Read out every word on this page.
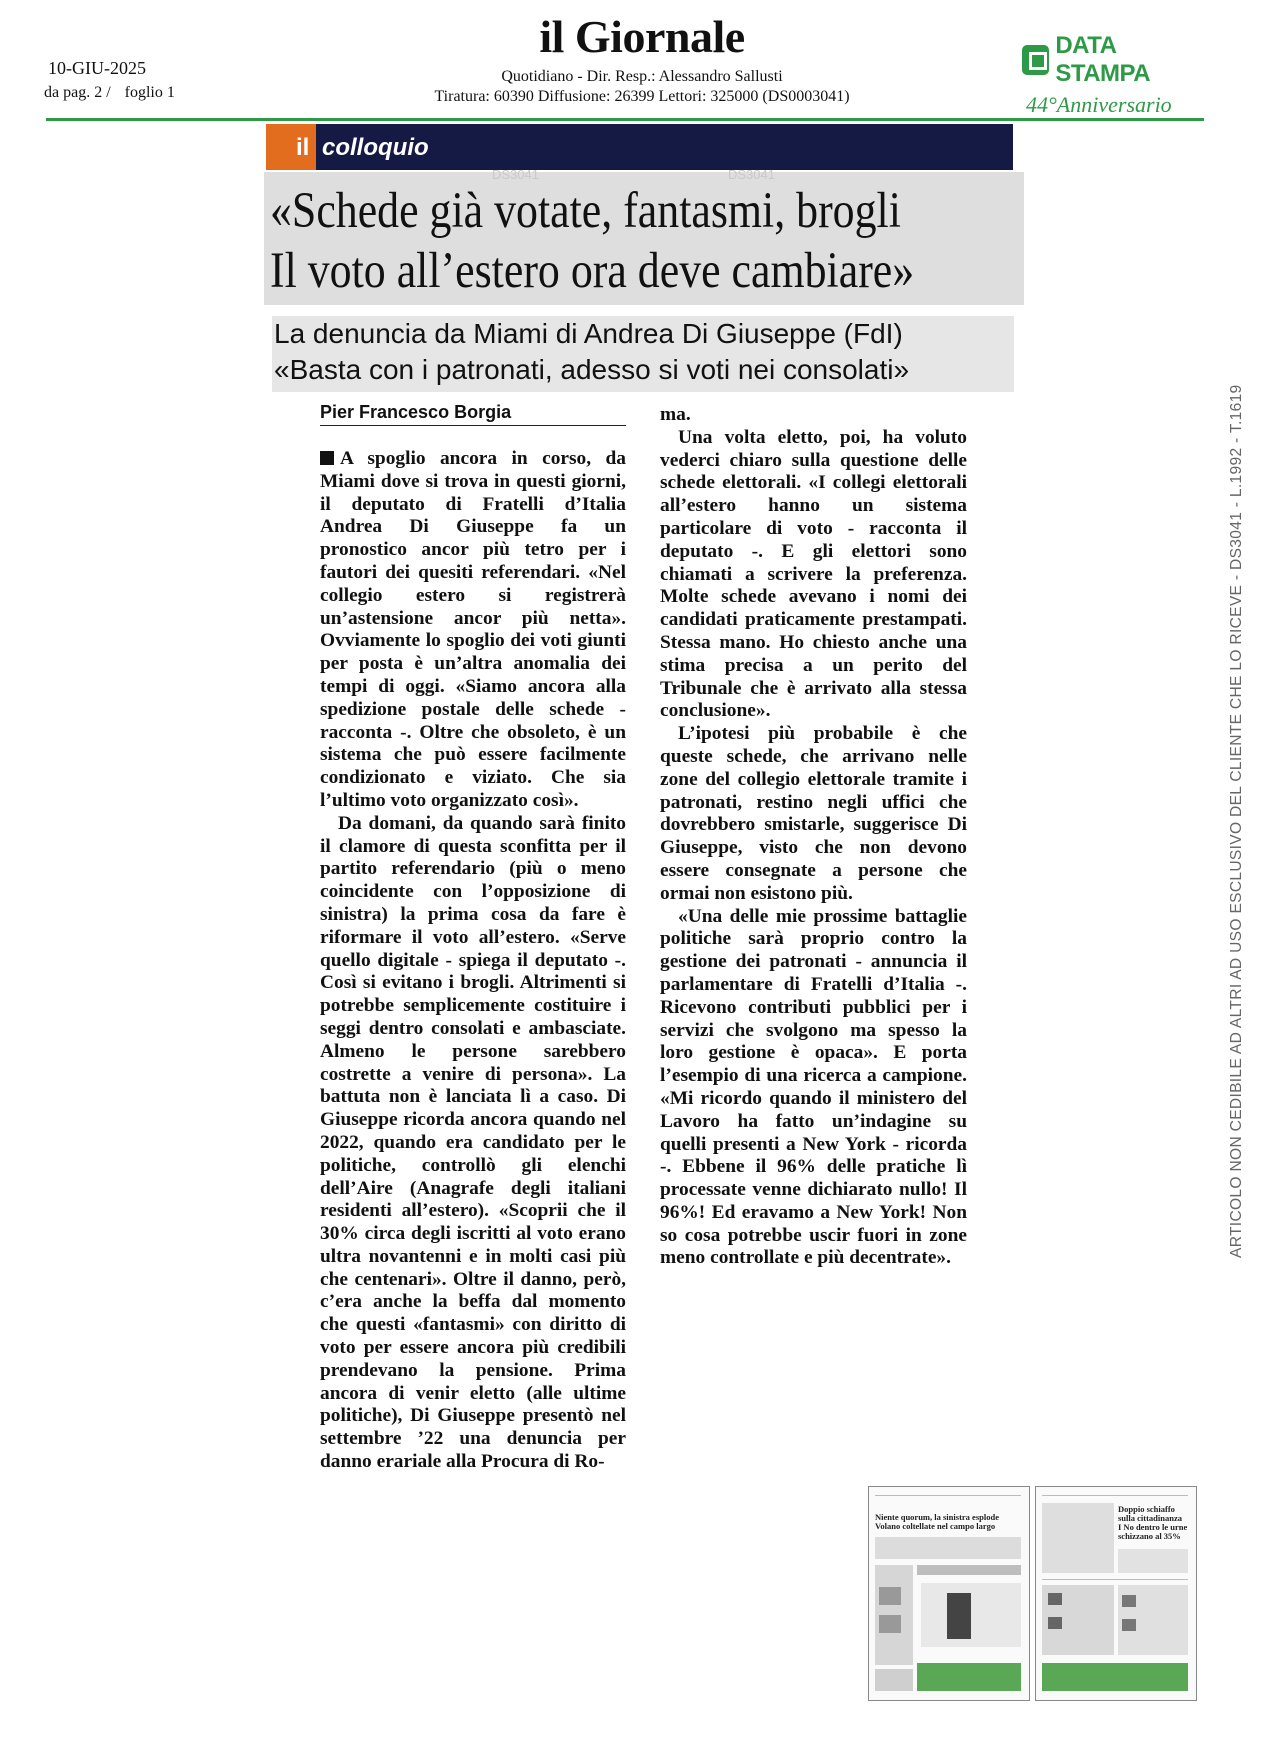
10-GIU-2025
da pag. 2 / foglio 1
il Giornale
Quotidiano - Dir. Resp.: Alessandro Sallusti
Tiratura: 60390 Diffusione: 26399 Lettori: 325000 (DS0003041)
DATA STAMPA
44°Anniversario
il colloquio
«Schede già votate, fantasmi, brogli
Il voto all’estero ora deve cambiare»
DS3041	DS3041
La denuncia da Miami di Andrea Di Giuseppe (FdI)
«Basta con i patronati, adesso si voti nei consolati»
Pier Francesco Borgia

A spoglio ancora in corso, da Miami dove si trova in questi giorni, il deputato di Fratelli d’Italia Andrea Di Giuseppe fa un pronostico ancor più tetro per i fautori dei quesiti referendari. «Nel collegio estero si registrerà un’astensione ancor più netta». Ovviamente lo spoglio dei voti giunti per posta è un’altra anomalia dei tempi di oggi. «Siamo ancora alla spedizione postale delle schede - racconta -. Oltre che obsoleto, è un sistema che può essere facilmente condizionato e viziato. Che sia l’ultimo voto organizzato così».

Da domani, da quando sarà finito il clamore di questa sconfitta per il partito referendario (più o meno coincidente con l’opposizione di sinistra) la prima cosa da fare è riformare il voto all’estero. «Serve quello digitale - spiega il deputato -. Così si evitano i brogli. Altrimenti si potrebbe semplicemente costituire i seggi dentro consolati e ambasciate. Almeno le persone sarebbero costrette a venire di persona». La battuta non è lanciata lì a caso. Di Giuseppe ricorda ancora quando nel 2022, quando era candidato per le politiche, controllò gli elenchi dell’Aire (Anagrafe degli italiani residenti all’estero). «Scoprii che il 30% circa degli iscritti al voto erano ultra novantenni e in molti casi più che centenari». Oltre il danno, però, c’era anche la beffa dal momento che questi «fantasmi» con diritto di voto per essere ancora più credibili prendevano la pensione. Prima ancora di venir eletto (alle ultime politiche), Di Giuseppe presentò nel settembre ’22 una denuncia per danno erariale alla Procura di Ro-

ma.

Una volta eletto, poi, ha voluto vederci chiaro sulla questione delle schede elettorali. «I collegi elettorali all’estero hanno un sistema particolare di voto - racconta il deputato -. E gli elettori sono chiamati a scrivere la preferenza. Molte schede avevano i nomi dei candidati praticamente prestampati. Stessa mano. Ho chiesto anche una stima precisa a un perito del Tribunale che è arrivato alla stessa conclusione».

L’ipotesi più probabile è che queste schede, che arrivano nelle zone del collegio elettorale tramite i patronati, restino negli uffici che dovrebbero smistarle, suggerisce Di Giuseppe, visto che non devono essere consegnate a persone che ormai non esistono più.

«Una delle mie prossime battaglie politiche sarà proprio contro la gestione dei patronati - annuncia il parlamentare di Fratelli d’Italia -. Ricevono contributi pubblici per i servizi che svolgono ma spesso la loro gestione è opaca». E porta l’esempio di una ricerca a campione. «Mi ricordo quando il ministero del Lavoro ha fatto un’indagine su quelli presenti a New York - ricorda -. Ebbene il 96% delle pratiche lì processate venne dichiarato nullo! Il 96%! Ed eravamo a New York! Non so cosa potrebbe uscir fuori in zone meno controllate e più decentrate».	ARTICOLO NON CEDIBILE AD ALTRI AD USO ESCLUSIVO DEL CLIENTE CHE LO RICEVE - DS3041 - L.1992 - T.1619
Niente quorum, la sinistra esplode
Volano coltellate nel campo largo
Doppio schiaffo
sulla cittadinanza
I No dentro le urne
schizzano al 35%
